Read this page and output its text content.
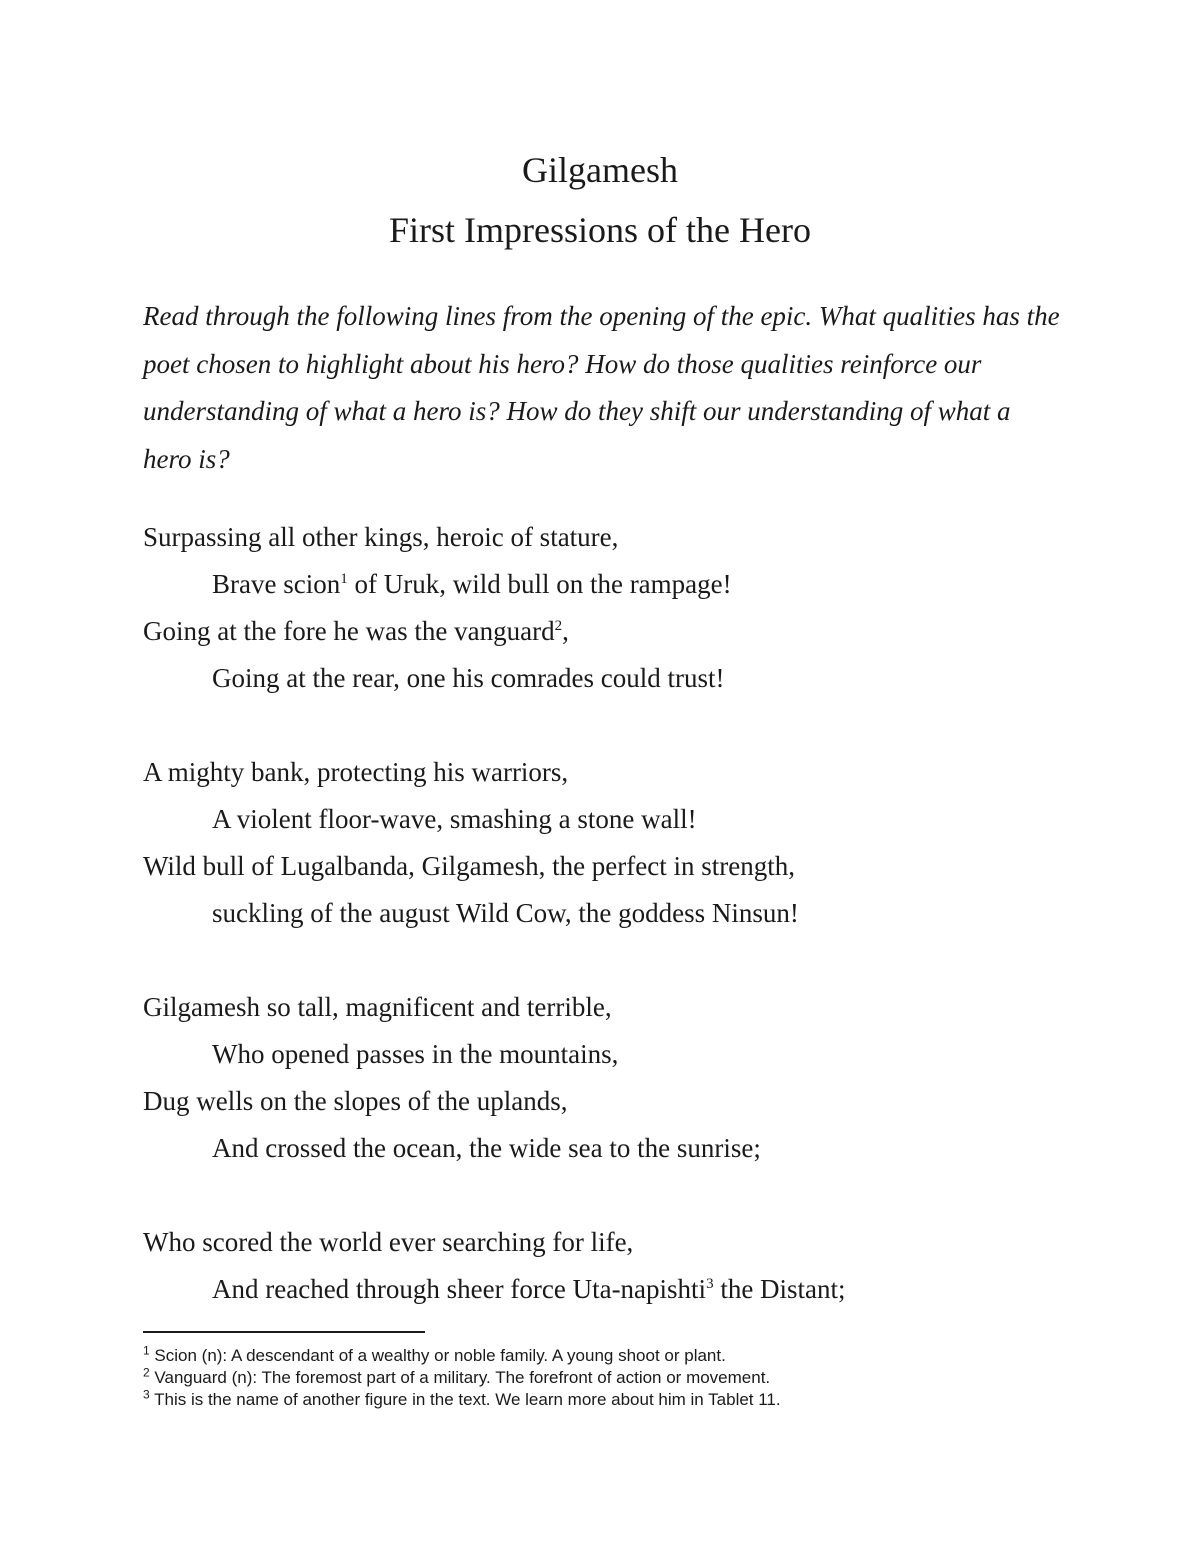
Gilgamesh
First Impressions of the Hero
Read through the following lines from the opening of the epic. What qualities has the poet chosen to highlight about his hero? How do those qualities reinforce our understanding of what a hero is? How do they shift our understanding of what a hero is?
Surpassing all other kings, heroic of stature,
Brave scion$^1$ of Uruk, wild bull on the rampage!
Going at the fore he was the vanguard$^2$,
Going at the rear, one his comrades could trust!
A mighty bank, protecting his warriors,
A violent floor-wave, smashing a stone wall!
Wild bull of Lugalbanda, Gilgamesh, the perfect in strength,
suckling of the august Wild Cow, the goddess Ninsun!
Gilgamesh so tall, magnificent and terrible,
Who opened passes in the mountains,
Dug wells on the slopes of the uplands,
And crossed the ocean, the wide sea to the sunrise;
Who scored the world ever searching for life,
And reached through sheer force Uta-napishti$^3$ the Distant;
$^1$ Scion (n): A descendant of a wealthy or noble family. A young shoot or plant.
$^2$ Vanguard (n): The foremost part of a military. The forefront of action or movement.
$^3$ This is the name of another figure in the text. We learn more about him in Tablet 11.
